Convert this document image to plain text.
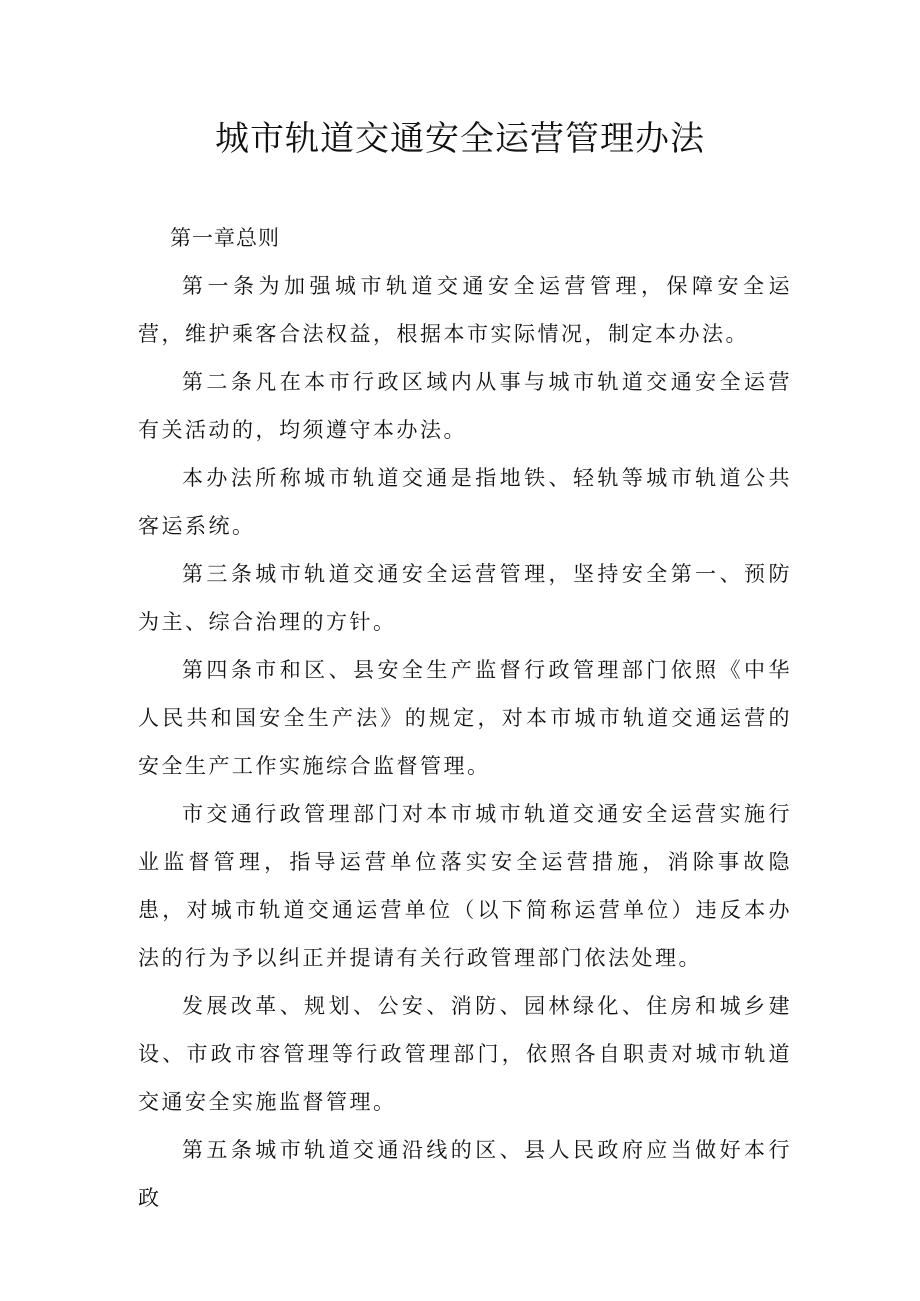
城市轨道交通安全运营管理办法

第一章总则

第一条为加强城市轨道交通安全运营管理，保障安全运营，维护乘客合法权益，根据本市实际情况，制定本办法。

第二条凡在本市行政区域内从事与城市轨道交通安全运营有关活动的，均须遵守本办法。

本办法所称城市轨道交通是指地铁、轻轨等城市轨道公共客运系统。

第三条城市轨道交通安全运营管理，坚持安全第一、预防为主、综合治理的方针。

第四条市和区、县安全生产监督行政管理部门依照《中华人民共和国安全生产法》的规定，对本市城市轨道交通运营的安全生产工作实施综合监督管理。

市交通行政管理部门对本市城市轨道交通安全运营实施行业监督管理，指导运营单位落实安全运营措施，消除事故隐患，对城市轨道交通运营单位（以下简称运营单位）违反本办法的行为予以纠正并提请有关行政管理部门依法处理。

发展改革、规划、公安、消防、园林绿化、住房和城乡建设、市政市容管理等行政管理部门，依照各自职责对城市轨道交通安全实施监督管理。

第五条城市轨道交通沿线的区、县人民政府应当做好本行政
